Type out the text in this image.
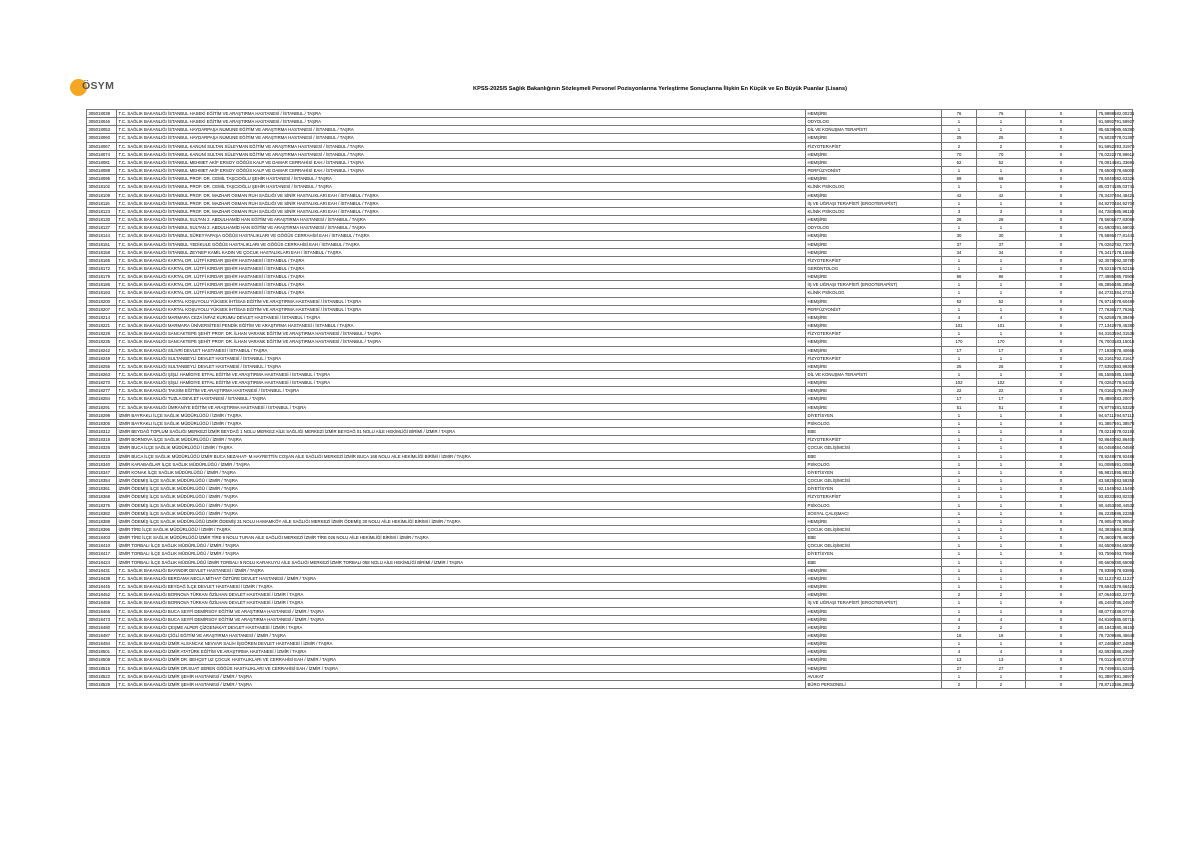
ÖSYM	KPSS-2025/5 Sağlık Bakanlığının Sözleşmeli Personel Pozisyonlarına Yerleştirme Sonuçlarına İlişkin En Küçük ve En Büyük Puanlar (Lisans)
305018039	T.C. SAĞLIK BAKANLIĞI İSTANBUL HASEKİ EĞİTİM VE ARAŞTIRMA HASTANESİ / İSTANBUL / TAŞRA	HEMŞİRE	76	76	0	75,99885	82,00231
305018046	T.C. SAĞLIK BAKANLIĞI İSTANBUL HASEKİ EĞİTİM VE ARAŞTIRMA HASTANESİ / İSTANBUL / TAŞRA	ODYOLOG	1	1	0	91,59927	91,59927
305018053	T.C. SAĞLIK BAKANLIĞI İSTANBUL HAYDARPAŞA NUMUNE EĞİTİM VE ARAŞTIRMA HASTANESİ / İSTANBUL / TAŞRA	DİL VE KONUŞMA TERAPİSTİ	1	1	0	85,65390	85,65390
305018060	T.C. SAĞLIK BAKANLIĞI İSTANBUL HAYDARPAŞA NUMUNE EĞİTİM VE ARAŞTIRMA HASTANESİ / İSTANBUL / TAŞRA	HEMŞİRE	25	25	0	76,50287	78,01387
305018067	T.C. SAĞLIK BAKANLIĞI İSTANBUL KANUNİ SULTAN SÜLEYMAN EĞİTİM VE ARAŞTIRMA HASTANESİ / İSTANBUL / TAŞRA	FİZYOTERAPİST	2	2	0	91,59522	93,31973
305018074	T.C. SAĞLIK BAKANLIĞI İSTANBUL KANUNİ SULTAN SÜLEYMAN EĞİTİM VE ARAŞTIRMA HASTANESİ / İSTANBUL / TAŞRA	HEMŞİRE	70	70	0	76,02222	78,99612
305018081	T.C. SAĞLIK BAKANLIĞI İSTANBUL MEHMET AKİF ERSOY GÖĞÜS KALP VE DAMAR CERRAHİSİ EAH / İSTANBUL / TAŞRA	HEMŞİRE	52	52	0	76,08146	81,33691
305018088	T.C. SAĞLIK BAKANLIĞI İSTANBUL MEHMET AKİF ERSOY GÖĞÜS KALP VE DAMAR CERRAHİSİ EAH / İSTANBUL / TAŞRA	PERFÜZYONİST	1	1	0	78,65002	78,65002
305018095	T.C. SAĞLIK BAKANLIĞI İSTANBUL PROF. DR. CEMİL TAŞCIOĞLU ŞEHİR HASTANESİ / İSTANBUL / TAŞRA	HEMŞİRE	69	69	0	78,50490	82,63326
305018102	T.C. SAĞLIK BAKANLIĞI İSTANBUL PROF. DR. CEMİL TAŞCIOĞLU ŞEHİR HASTANESİ / İSTANBUL / TAŞRA	KLİNİK PSİKOLOG	1	1	0	85,03741	85,03741
305018109	T.C. SAĞLIK BAKANLIĞI İSTANBUL PROF. DR. MAZHAR OSMAN RUH SAĞLIĞI VE SİNİR HASTALIKLARI EAH / İSTANBUL / TAŞRA	HEMŞİRE	42	42	0	76,34374	84,48421
305018116	T.C. SAĞLIK BAKANLIĞI İSTANBUL PROF. DR. MAZHAR OSMAN RUH SAĞLIĞI VE SİNİR HASTALIKLARI EAH / İSTANBUL / TAŞRA	İŞ VE UĞRAŞI TERAPİSTİ (ERGOTERAPİST)	1	1	0	84,92704	84,92704
305018123	T.C. SAĞLIK BAKANLIĞI İSTANBUL PROF. DR. MAZHAR OSMAN RUH SAĞLIĞI VE SİNİR HASTALIKLARI EAH / İSTANBUL / TAŞRA	KLİNİK PSİKOLOG	3	3	0	84,72839	85,98183
305018130	T.C. SAĞLIK BAKANLIĞI İSTANBUL SULTAN 2. ABDULHAMİD HAN EĞİTİM VE ARAŞTIRMA HASTANESİ / İSTANBUL / TAŞRA	HEMŞİRE	28	28	0	78,56056	77,83089
305018137	T.C. SAĞLIK BAKANLIĞI İSTANBUL SULTAN 2. ABDULHAMİD HAN EĞİTİM VE ARAŞTIRMA HASTANESİ / İSTANBUL / TAŞRA	ODYOLOG	1	1	0	91,69032	91,69032
305018144	T.C. SAĞLIK BAKANLIĞI İSTANBUL SÜREYYAPAŞA GÖĞÜS HASTALIKLARI VE GÖĞÜS CERRAHİSİ EAH / İSTANBUL / TAŞRA	HEMŞİRE	30	30	0	76,58954	77,81441
305018151	T.C. SAĞLIK BAKANLIĞI İSTANBUL YEDİKULE GÖĞÜS HASTALIKLARI VE GÖĞÜS CERRAHİSİ EAH / İSTANBUL / TAŞRA	HEMŞİRE	37	37	0	76,02627	82,73072
305018158	T.C. SAĞLIK BAKANLIĞI İSTANBUL ZEYNEP KAMİL KADIN VE ÇOCUK HASTALIKLARI EAH / İSTANBUL / TAŞRA	HEMŞİRE	34	34	0	76,34171	78,15565
305018165	T.C. SAĞLIK BAKANLIĞI KARTAL DR. LÜTFİ KIRDAR ŞEHİR HASTANESİ / İSTANBUL / TAŞRA	FİZYOTERAPİST	1	1	0	92,30780	92,30780
305018172	T.C. SAĞLIK BAKANLIĞI KARTAL DR. LÜTFİ KIRDAR ŞEHİR HASTANESİ / İSTANBUL / TAŞRA	GERONTOLOG	1	1	0	79,52156	79,52156
305018179	T.C. SAĞLIK BAKANLIĞI KARTAL DR. LÜTFİ KIRDAR ŞEHİR HASTANESİ / İSTANBUL / TAŞRA	HEMŞİRE	86	86	0	77,49850	85,70908
305018186	T.C. SAĞLIK BAKANLIĞI KARTAL DR. LÜTFİ KIRDAR ŞEHİR HASTANESİ / İSTANBUL / TAŞRA	İŞ VE UĞRAŞI TERAPİSTİ (ERGOTERAPİST)	1	1	0	85,28564	85,28564
305018193	T.C. SAĞLIK BAKANLIĞI KARTAL DR. LÜTFİ KIRDAR ŞEHİR HASTANESİ / İSTANBUL / TAŞRA	KLİNİK PSİKOLOG	1	1	0	84,27313	84,27313
305018200	T.C. SAĞLIK BAKANLIĞI KARTAL KOŞUYOLU YÜKSEK İHTİSAS EĞİTİM VE ARAŞTIRMA HASTANESİ / İSTANBUL / TAŞRA	HEMŞİRE	52	52	0	76,97150	78,60489
305018207	T.C. SAĞLIK BAKANLIĞI KARTAL KOŞUYOLU YÜKSEK İHTİSAS EĞİTİM VE ARAŞTIRMA HASTANESİ / İSTANBUL / TAŞRA	PERFÜZYONİST	1	1	0	77,76361	77,76361
305018214	T.C. SAĞLIK BAKANLIĞI MARMARA CEZA İNFAZ KURUMU DEVLET HASTANESİ / İSTANBUL / TAŞRA	HEMŞİRE	4	4	0	76,62581	78,39496
305018221	T.C. SAĞLIK BAKANLIĞI MARMARA ÜNİVERSİTESİ PENDİK EĞİTİM VE ARAŞTIRMA HASTANESİ / İSTANBUL / TAŞRA	HEMŞİRE	101	101	0	77,13429	78,45380
305018228	T.C. SAĞLIK BAKANLIĞI SANCAKTEPE ŞEHİT PROF. DR. İLHAN VARANK EĞİTİM VE ARAŞTIRMA HASTANESİ / İSTANBUL / TAŞRA	FİZYOTERAPİST	1	1	0	94,31535	94,31535
305018235	T.C. SAĞLIK BAKANLIĞI SANCAKTEPE ŞEHİT PROF. DR. İLHAN VARANK EĞİTİM VE ARAŞTIRMA HASTANESİ / İSTANBUL / TAŞRA	HEMŞİRE	170	170	0	76,70031	83,15018
305018242	T.C. SAĞLIK BAKANLIĞI SİLİVRİ DEVLET HASTANESİ / İSTANBUL / TAŞRA	HEMŞİRE	17	17	0	77,19308	78,40665
305018249	T.C. SAĞLIK BAKANLIĞI SULTANBEYLİ DEVLET HASTANESİ / İSTANBUL / TAŞRA	FİZYOTERAPİST	1	1	0	92,21617	92,21617
305018256	T.C. SAĞLIK BAKANLIĞI SULTANBEYLİ DEVLET HASTANESİ / İSTANBUL / TAŞRA	HEMŞİRE	25	25	0	77,53923	83,99308
305018263	T.C. SAĞLIK BAKANLIĞI ŞİŞLİ HAMİDİYE ETFAL EĞİTİM VE ARAŞTIRMA HASTANESİ / İSTANBUL / TAŞRA	DİL VE KONUŞMA TERAPİSTİ	1	1	0	85,15853	85,15853
305018270	T.C. SAĞLIK BAKANLIĞI ŞİŞLİ HAMİDİYE ETFAL EĞİTİM VE ARAŞTIRMA HASTANESİ / İSTANBUL / TAŞRA	HEMŞİRE	102	102	0	76,02627	79,54331
305018277	T.C. SAĞLIK BAKANLIĞI TAKSİM EĞİTİM VE ARAŞTIRMA HASTANESİ / İSTANBUL / TAŞRA	HEMŞİRE	22	22	0	76,01621	79,29427
305018284	T.C. SAĞLIK BAKANLIĞI TUZLA DEVLET HASTANESİ / İSTANBUL / TAŞRA	HEMŞİRE	17	17	0	78,48804	83,20076
305018291	T.C. SAĞLIK BAKANLIĞI ÜMRANİYE EĞİTİM VE ARAŞTIRMA HASTANESİ / İSTANBUL / TAŞRA	HEMŞİRE	51	51	0	76,97762	81,53329
305018298	İZMİR BAYRAKLI İLÇE SAĞLIK MÜDÜRLÜĞÜ / İZMİR / TAŞRA	DİYETİSYEN	1	1	0	94,67112	94,67112
305018305	İZMİR BAYRAKLI İLÇE SAĞLIK MÜDÜRLÜĞÜ / İZMİR / TAŞRA	PSİKOLOG	1	1	0	91,38576	91,38576
305018312	İZMİR BEYDAĞ TOPLUM SAĞLIĞI MERKEZİ İZMİR BEYDAĞ 1 NOLU MERKEZ AİLE SAĞLIĞI MERKEZİ İZMİR BEYDAĞ 01 NOLU AİLE HEKİMLİĞİ BİRİMİ / İZMİR / TAŞRA	EBE	1	1	0	79,02192	79,02192
305018319	İZMİR BORNOVA İLÇE SAĞLIK MÜDÜRLÜĞÜ / İZMİR / TAŞRA	FİZYOTERAPİST	1	1	0	92,86400	92,86400
305018326	İZMİR BUCA İLÇE SAĞLIK MÜDÜRLÜĞÜ / İZMİR / TAŞRA	ÇOCUK GELİŞİMCİSİ	1	1	0	84,04584	84,04584
305018333	İZMİR BUCA İLÇE SAĞLIK MÜDÜRLÜĞÜ İZMİR BUCA NEZAHAT- M.HAYRETTİN COŞAN AİLE SAĞLIĞI MERKEZİ İZMİR BUCA 168 NOLU AİLE HEKİMLİĞİ BİRİMİ / İZMİR / TAŞRA	EBE	1	1	0	78,92486	78,92486
305018340	İZMİR KARABAĞLAR İLÇE SAĞLIK MÜDÜRLÜĞÜ / İZMİR / TAŞRA	PSİKOLOG	1	1	0	91,00858	91,00858
305018347	İZMİR KONAK İLÇE SAĞLIK MÜDÜRLÜĞÜ / İZMİR / TAŞRA	DİYETİSYEN	1	1	0	95,98218	95,98218
305018354	İZMİR ÖDEMİŞ İLÇE SAĞLIK MÜDÜRLÜĞÜ / İZMİR / TAŞRA	ÇOCUK GELİŞİMCİSİ	1	1	0	83,58254	83,58254
305018361	İZMİR ÖDEMİŞ İLÇE SAĞLIK MÜDÜRLÜĞÜ / İZMİR / TAŞRA	DİYETİSYEN	1	1	0	92,15490	92,15490
305018368	İZMİR ÖDEMİŞ İLÇE SAĞLIK MÜDÜRLÜĞÜ / İZMİR / TAŞRA	FİZYOTERAPİST	1	1	0	93,82335	93,82335
305018375	İZMİR ÖDEMİŞ İLÇE SAĞLIK MÜDÜRLÜĞÜ / İZMİR / TAŞRA	PSİKOLOG	1	1	0	90,44532	90,44532
305018382	İZMİR ÖDEMİŞ İLÇE SAĞLIK MÜDÜRLÜĞÜ / İZMİR / TAŞRA	SOSYAL ÇALIŞMACI	1	1	0	86,22358	86,22358
305018389	İZMİR ÖDEMİŞ İLÇE SAĞLIK MÜDÜRLÜĞÜ İZMİR ÖDEMİŞ 31 NOLU HAMAMKÖY AİLE SAĞLIĞI MERKEZİ İZMİR ÖDEMİŞ 30 NOLU AİLE HEKİMLİĞİ BİRİMİ / İZMİR / TAŞRA	HEMŞİRE	1	1	0	78,90547	78,90547
305018396	İZMİR TİRE İLÇE SAĞLIK MÜDÜRLÜĞÜ / İZMİR / TAŞRA	ÇOCUK GELİŞİMCİSİ	1	1	0	84,39356	84,39356
305018403	İZMİR TİRE İLÇE SAĞLIK MÜDÜRLÜĞÜ İZMİR TİRE 9 NOLU TURAN AİLE SAĞLIĞI MERKEZİ İZMİR TİRE 026 NOLU AİLE HEKİMLİĞİ BİRİMİ / İZMİR / TAŞRA	EBE	1	1	0	78,46028	78,46028
305018410	İZMİR TORBALI İLÇE SAĞLIK MÜDÜRLÜĞÜ / İZMİR / TAŞRA	ÇOCUK GELİŞİMCİSİ	1	1	0	84,65092	84,65092
305018417	İZMİR TORBALI İLÇE SAĞLIK MÜDÜRLÜĞÜ / İZMİR / TAŞRA	DİYETİSYEN	1	1	0	93,75964	93,75964
305018424	İZMİR TORBALI İLÇE SAĞLIK MÜDÜRLÜĞÜ İZMİR TORBALI 9 NOLU KARAKUYU AİLE SAĞLIĞI MERKEZİ İZMİR TORBALI 058 NOLU AİLE HEKİMLİĞİ BİRİMİ / İZMİR / TAŞRA	EBE	1	1	0	80,65092	80,65092
305018431	T.C. SAĞLIK BAKANLIĞI BAYINDIR DEVLET HASTANESİ / İZMİR / TAŞRA	HEMŞİRE	1	1	0	78,93891	78,93891
305018438	T.C. SAĞLIK BAKANLIĞI BERGAMA NECLA MİTHAT ÖZTÜRE DEVLET HASTANESİ / İZMİR / TAŞRA	HEMŞİRE	1	1	0	82,11227	82,11227
305018445	T.C. SAĞLIK BAKANLIĞI BEYDAĞ İLÇE DEVLET HASTANESİ / İZMİR / TAŞRA	HEMŞİRE	1	1	0	79,66421	79,66421
305018452	T.C. SAĞLIK BAKANLIĞI BORNOVA TÜRKAN ÖZİLHAN DEVLET HASTANESİ / İZMİR / TAŞRA	HEMŞİRE	2	2	0	87,06405	82,22773
305018459	T.C. SAĞLIK BAKANLIĞI BORNOVA TÜRKAN ÖZİLHAN DEVLET HASTANESİ / İZMİR / TAŞRA	İŞ VE UĞRAŞI TERAPİSTİ (ERGOTERAPİST)	1	1	0	85,24937	85,24937
305018466	T.C. SAĞLIK BAKANLIĞI BUCA SEYFİ DEMİRSOY EĞİTİM VE ARAŞTIRMA HASTANESİ / İZMİR / TAŞRA	HEMŞİRE	1	1	0	88,07744	88,07744
305018473	T.C. SAĞLIK BAKANLIĞI BUCA SEYFİ DEMİRSOY EĞİTİM VE ARAŞTIRMA HASTANESİ / İZMİR / TAŞRA	HEMŞİRE	4	4	0	84,81903	85,60716
305018480	T.C. SAĞLIK BAKANLIĞI ÇEŞME ALPER ÇİZGENAKAT DEVLET HASTANESİ / İZMİR / TAŞRA	HEMŞİRE	2	2	0	80,18432	80,46153
305018487	T.C. SAĞLIK BAKANLIĞI ÇİĞLİ EĞİTİM VE ARAŞTIRMA HASTANESİ / İZMİR / TAŞRA	HEMŞİRE	18	18	0	79,72095	86,45648
305018494	T.C. SAĞLIK BAKANLIĞI İZMİR ALSANCAK NEVVAR SALİH İŞGÖREN DEVLET HASTANESİ / İZMİR / TAŞRA	HEMŞİRE	1	1	0	87,24858	87,24858
305018501	T.C. SAĞLIK BAKANLIĞI İZMİR ATATÜRK EĞİTİM VE ARAŞTIRMA HASTANESİ / İZMİR / TAŞRA	HEMŞİRE	4	4	0	82,59293	86,23607
305018508	T.C. SAĞLIK BAKANLIĞI İZMİR DR. BEHÇET UZ ÇOCUK HASTALIKLARI VE CERRAHİSİ EAH / İZMİR / TAŞRA	HEMŞİRE	13	13	0	79,01105	80,57237
305018515	T.C. SAĞLIK BAKANLIĞI İZMİR DR.SUAT SEREN GÖĞÜS HASTALIKLARI VE CERRAHİSİ EAH / İZMİR / TAŞRA	HEMŞİRE	27	27	0	78,74992	81,52281
305018522	T.C. SAĞLIK BAKANLIĞI İZMİR ŞEHİR HASTANESİ / İZMİR / TAŞRA	AVUKAT	1	1	0	91,38974	91,38974
305018529	T.C. SAĞLIK BAKANLIĞI İZMİR ŞEHİR HASTANESİ / İZMİR / TAŞRA	BÜRO PERSONELİ	2	2	0	78,87123	86,29531
